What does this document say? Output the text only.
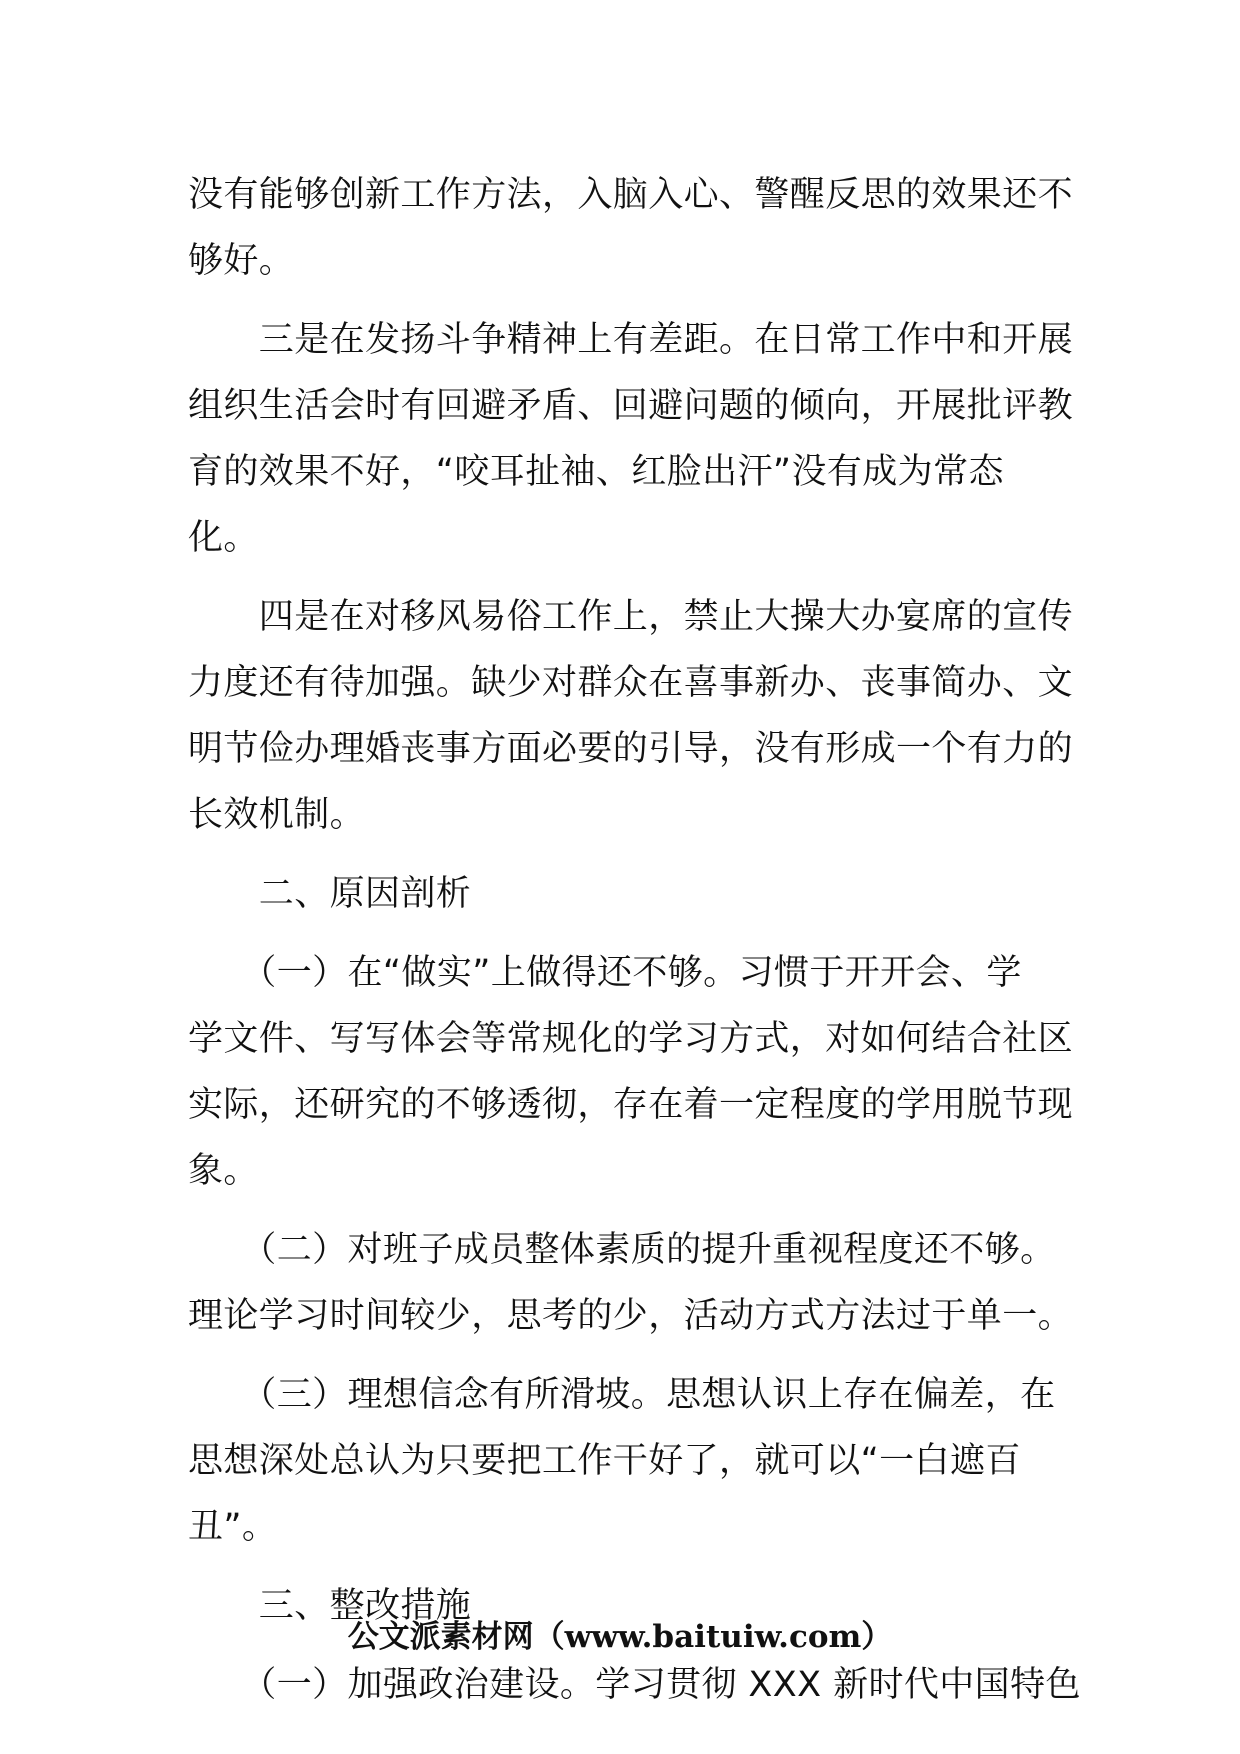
没有能够创新工作方法，入脑入心、警醒反思的效果还不
够好。
　　三是在发扬斗争精神上有差距。在日常工作中和开展
组织生活会时有回避矛盾、回避问题的倾向，开展批评教
育的效果不好，“咬耳扯袖、红脸出汗”没有成为常态
化。
　　四是在对移风易俗工作上，禁止大操大办宴席的宣传
力度还有待加强。缺少对群众在喜事新办、丧事简办、文
明节俭办理婚丧事方面必要的引导，没有形成一个有力的
长效机制。
　　二、原因剖析
　　（一）在“做实”上做得还不够。习惯于开开会、学
学文件、写写体会等常规化的学习方式，对如何结合社区
实际，还研究的不够透彻，存在着一定程度的学用脱节现
象。
　　（二）对班子成员整体素质的提升重视程度还不够。
理论学习时间较少，思考的少，活动方式方法过于单一。
　　（三）理想信念有所滑坡。思想认识上存在偏差，在
思想深处总认为只要把工作干好了，就可以“一白遮百
丑”。
　　三、整改措施
　　（一）加强政治建设。学习贯彻 XXX 新时代中国特色
公文派素材网（www.baituiw.com）
